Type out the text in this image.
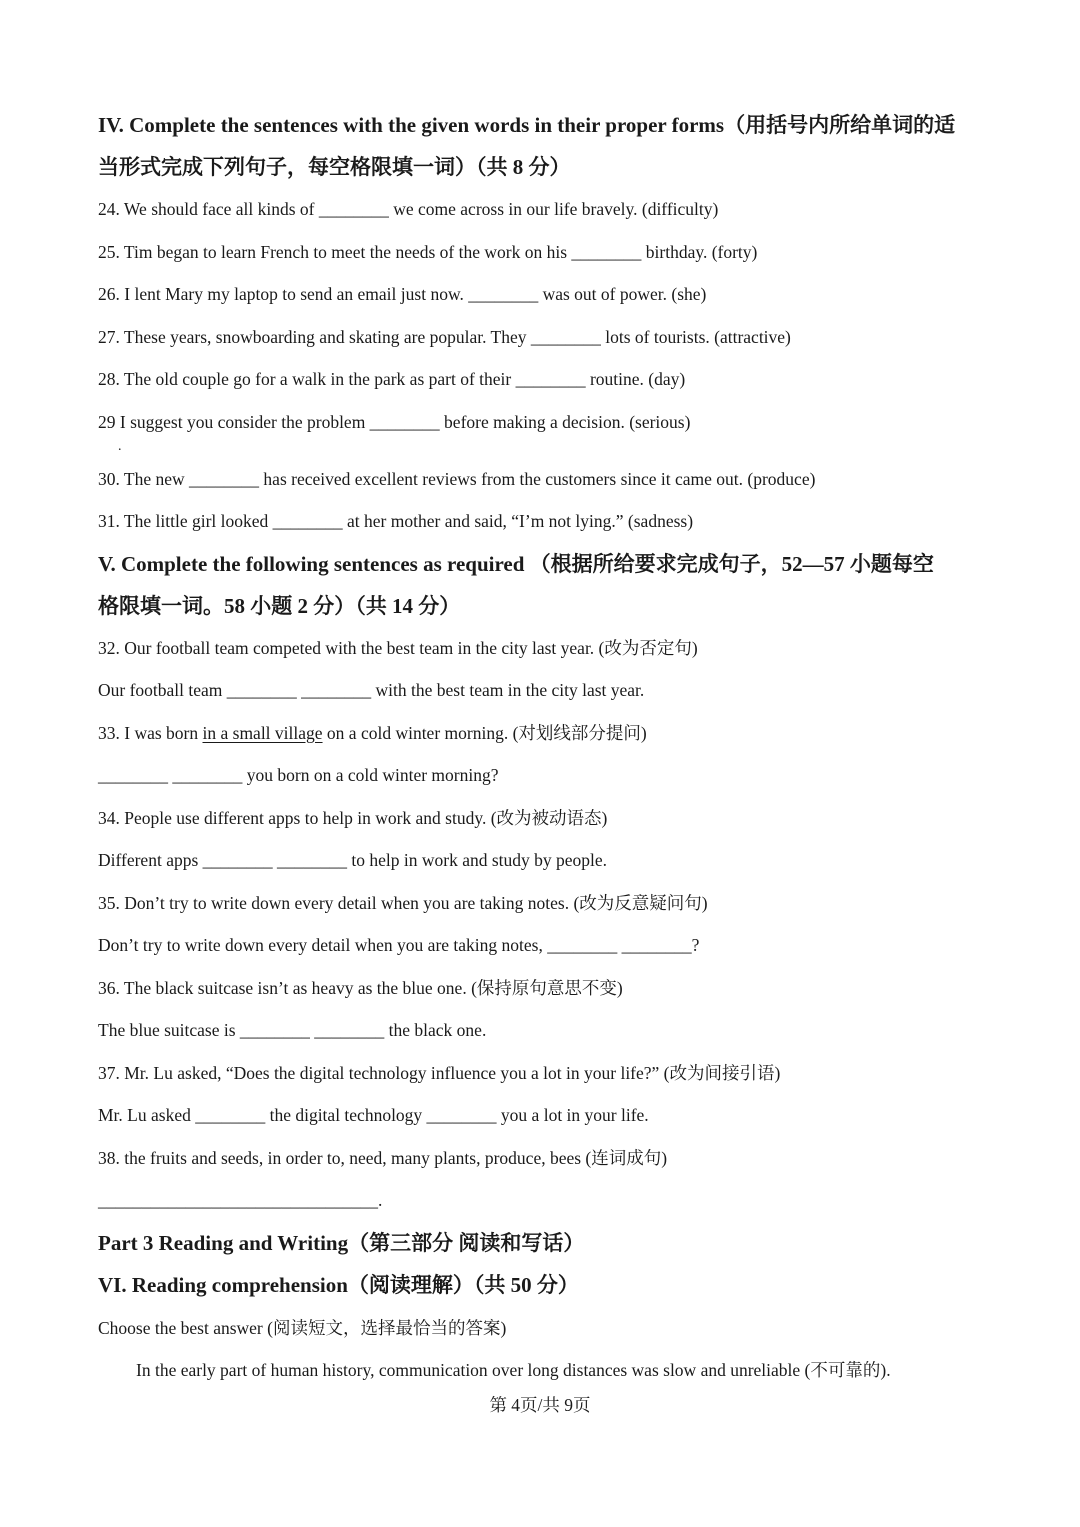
IV. Complete the sentences with the given words in their proper forms（用括号内所给单词的适
当形式完成下列句子，每空格限填一词）（共 8 分）
24. We should face all kinds of ________ we come across in our life bravely. (difficulty)
25. Tim began to learn French to meet the needs of the work on his ________ birthday. (forty)
26. I lent Mary my laptop to send an email just now. ________ was out of power. (she)
27. These years, snowboarding and skating are popular. They ________ lots of tourists. (attractive)
28. The old couple go for a walk in the park as part of their ________ routine. (day)
29
.
I suggest you consider the problem ________ before making a decision. (serious)
30. The new ________ has received excellent reviews from the customers since it came out. (produce)
31. The little girl looked ________ at her mother and said, “I’m not lying.” (sadness)
V. Complete the following sentences as required （根据所给要求完成句子，52—57 小题每空
格限填一词。58 小题 2 分）（共 14 分）
32. Our football team competed with the best team in the city last year. (改为否定句)
Our football team ________ ________ with the best team in the city last year.
33. I was born in a small village on a cold winter morning. (对划线部分提问)
________ ________ you born on a cold winter morning?
34. People use different apps to help in work and study. (改为被动语态)
Different apps ________ ________ to help in work and study by people.
35. Don’t try to write down every detail when you are taking notes. (改为反意疑问句)
Don’t try to write down every detail when you are taking notes, ________ ________?
36. The black suitcase isn’t as heavy as the blue one. (保持原句意思不变)
The blue suitcase is ________ ________ the black one.
37. Mr. Lu asked, “Does the digital technology influence you a lot in your life?” (改为间接引语)
Mr. Lu asked ________ the digital technology ________ you a lot in your life.
38. the fruits and seeds, in order to, need, many plants, produce, bees (连词成句)
________________________________.
Part 3 Reading and Writing（第三部分 阅读和写话）
VI. Reading comprehension（阅读理解）（共 50 分）
Choose the best answer (阅读短文，选择最恰当的答案)
In the early part of human history, communication over long distances was slow and unreliable (不可靠的).
第 4页/共 9页
